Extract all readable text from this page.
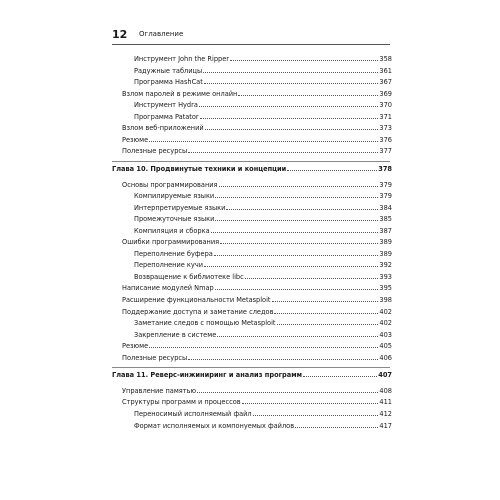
12 Оглавление
Инструмент John the Ripper	358
Радужные таблицы	361
Программа HashCat	367
Взлом паролей в режиме онлайн	369
Инструмент Hydra	370
Программа Patator	371
Взлом веб-приложений	373
Резюме	376
Полезные ресурсы	377
Глава 10. Продвинутые техники и концепции	378
Основы программирования	379
Компилируемые языки	379
Интерпретируемые языки	384
Промежуточные языки	385
Компиляция и сборка	387
Ошибки программирования	389
Переполнение буфера	389
Переполнение кучи	392
Возвращение к библиотеке libc	393
Написание модулей Nmap	395
Расширение функциональности Metasploit	398
Поддержание доступа и заметание следов	402
Заметание следов с помощью Metasploit	402
Закрепление в системе	403
Резюме	405
Полезные ресурсы	406
Глава 11. Реверс-инжиниринг и анализ программ	407
Управление памятью	408
Структуры программ и процессов	411
Переносимый исполняемый файл	412
Формат исполняемых и компонуемых файлов	417
